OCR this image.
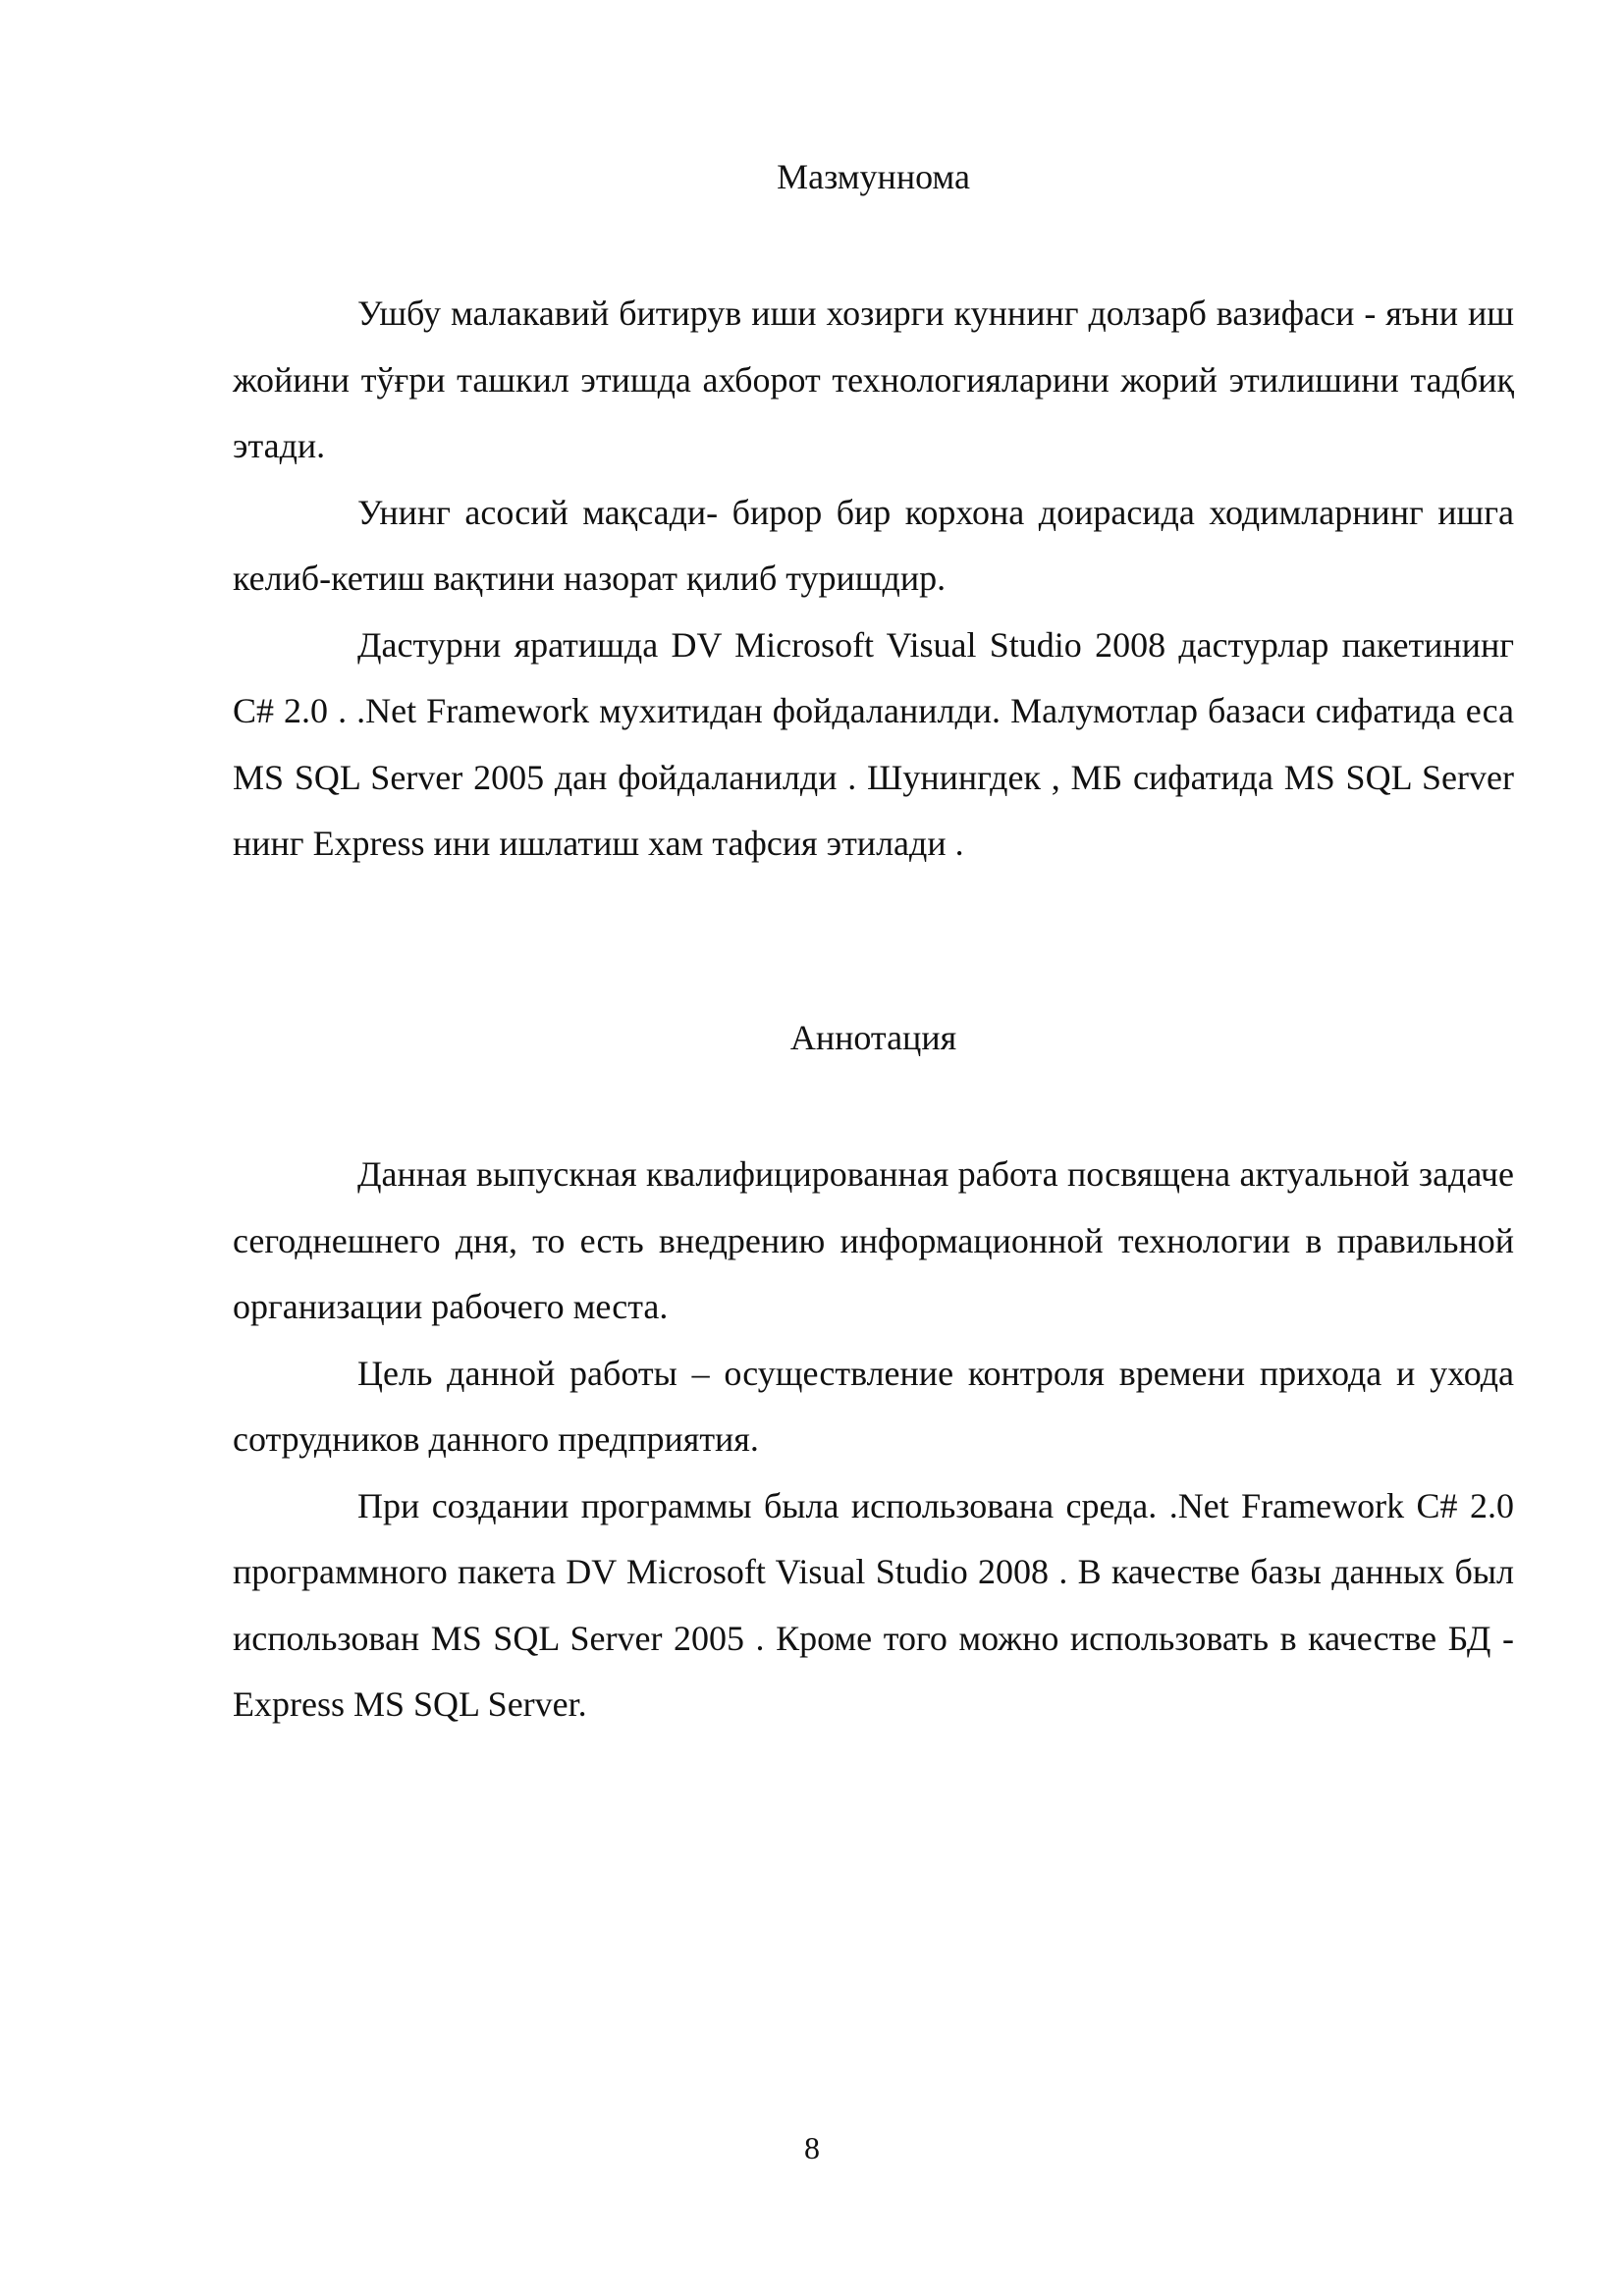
Мазмуннома

Ушбу малакавий битирув иши хозирги куннинг долзарб вазифаси - яъни иш жойини тўғри ташкил этишда ахборот технологияларини жорий этилишини тадбиқ этади.

Унинг асосий мақсади- бирор бир корхона доирасида ходимларнинг ишга келиб-кетиш вақтини назорат қилиб туришдир.

Дастурни яратишда DV Microsoft Visual Studio 2008 дастурлар пакетининг C# 2.0 . .Net Framework мухитидан фойдаланилди. Малумотлар базаси сифатида еса MS SQL Server 2005 дан фойдаланилди . Шунингдек , МБ сифатида MS SQL Server нинг Express ини ишлатиш хам тафсия этилади .

Аннотация

Данная выпускная квалифицированная работа посвящена актуальной задаче сегоднешнего дня, то есть внедрению информационной технологии в правильной организации рабочего места.

Цель данной работы – осуществление контроля времени прихода и ухода сотрудников данного предприятия.

При создании программы была использована среда. .Net Framework C# 2.0 программного пакета DV Microsoft Visual Studio 2008 . В качестве базы данных был использован MS SQL Server 2005 . Кроме того можно использовать в качестве БД - Express MS SQL Server.

8
